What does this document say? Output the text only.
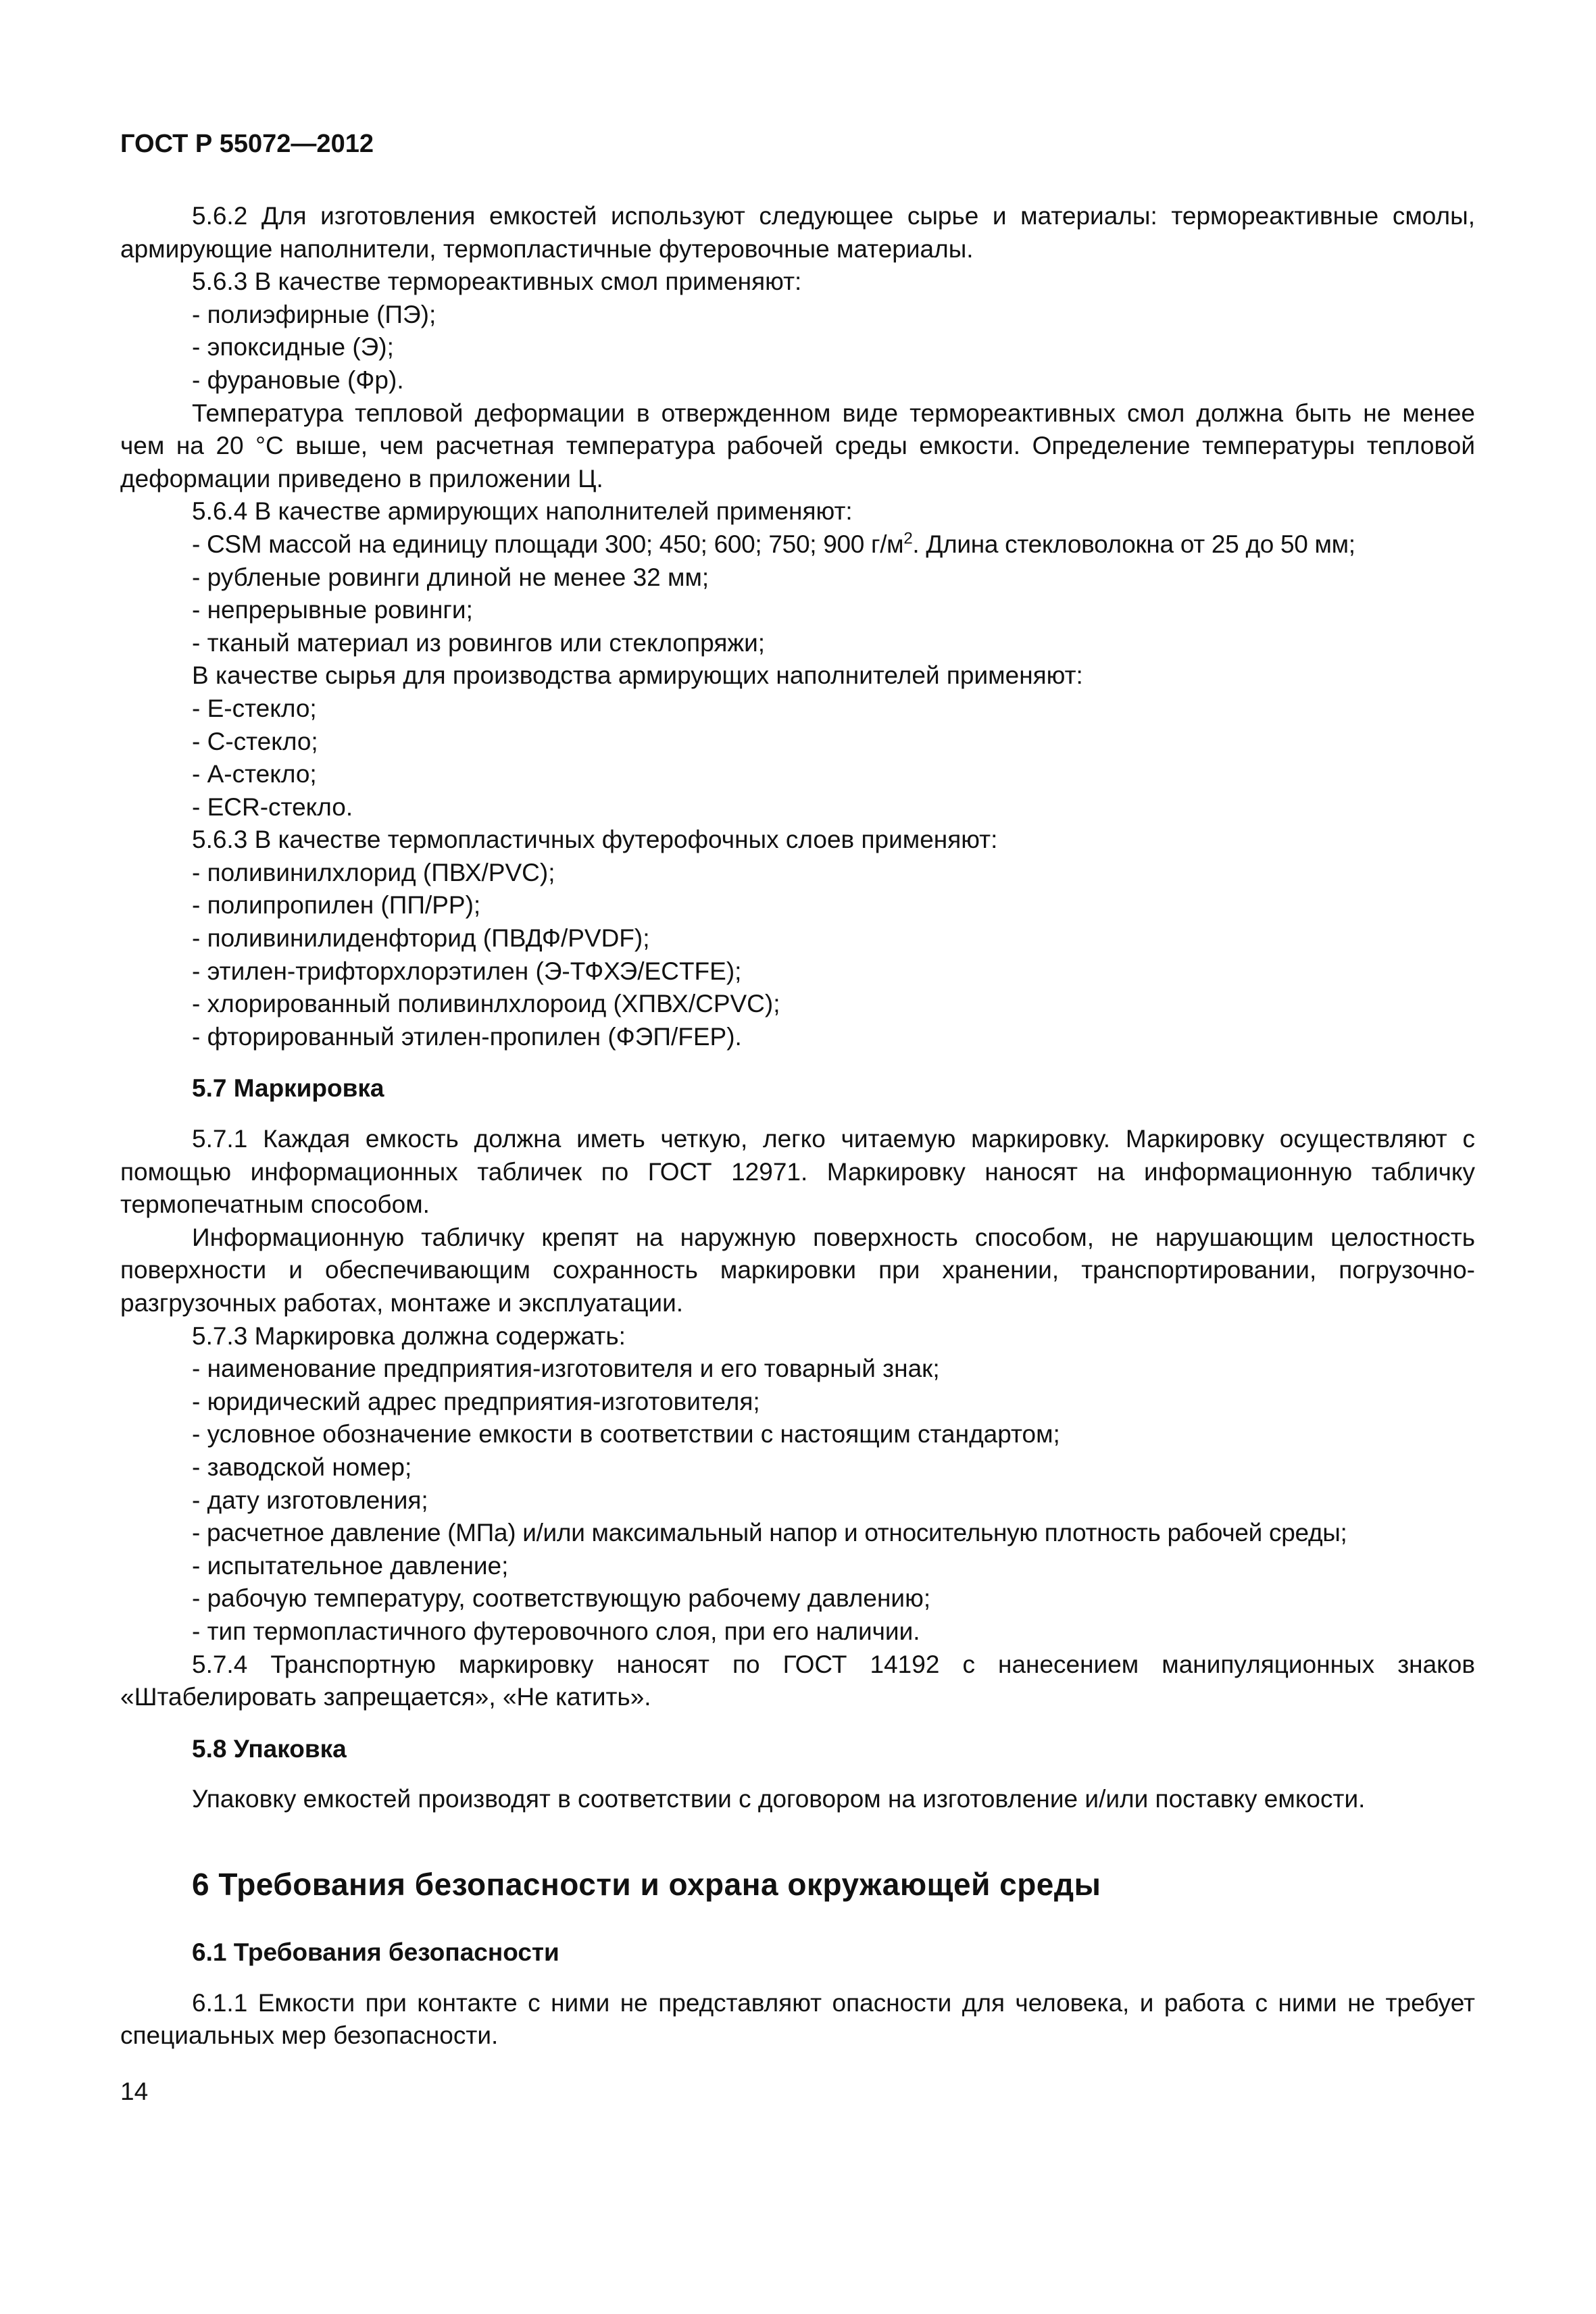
ГОСТ Р 55072—2012

5.6.2 Для изготовления емкостей используют следующее сырье и материалы: термореактивные смолы, армирующие наполнители, термопластичные футеровочные материалы.

5.6.3 В качестве термореактивных смол применяют:

- полиэфирные (ПЭ);

- эпоксидные (Э);

- фурановые (Фр).

Температура тепловой деформации в отвержденном виде термореактивных смол должна быть не менее чем на 20 °С выше, чем расчетная температура рабочей среды емкости. Определение температуры тепловой деформации приведено в приложении Ц.

5.6.4 В качестве армирующих наполнителей применяют:

- CSM массой на единицу площади 300; 450; 600; 750; 900 $г/м^2$. Длина стекловолокна от 25 до 50 мм;

- рубленые ровинги длиной не менее 32 мм;

- непрерывные ровинги;

- тканый материал из ровингов или стеклопряжи;

В качестве сырья для производства армирующих наполнителей применяют:

- Е-стекло;

- С-стекло;

- А-стекло;

- ECR-стекло.

5.6.3 В качестве термопластичных футерофочных слоев применяют:

- поливинилхлорид (ПВХ/PVC);

- полипропилен (ПП/PP);

- поливинилиденфторид (ПВДФ/PVDF);

- этилен-трифторхлорэтилен (Э-ТФХЭ/ECTFE);

- хлорированный поливинлхлороид (ХПВХ/CPVC);

- фторированный этилен-пропилен (ФЭП/FEP).

5.7 Маркировка

5.7.1 Каждая емкость должна иметь четкую, легко читаемую маркировку. Маркировку осуществляют с помощью информационных табличек по ГОСТ 12971. Маркировку наносят на информационную табличку термопечатным способом.

Информационную табличку крепят на наружную поверхность способом, не нарушающим целостность поверхности и обеспечивающим сохранность маркировки при хранении, транспортировании, погрузочно-разгрузочных работах, монтаже и эксплуатации.

5.7.3 Маркировка должна содержать:

- наименование предприятия-изготовителя и его товарный знак;

- юридический адрес предприятия-изготовителя;

- условное обозначение емкости в соответствии с настоящим стандартом;

- заводской номер;

- дату изготовления;

- расчетное давление (МПа) и/или максимальный напор и относительную плотность рабочей среды;

- испытательное давление;

- рабочую температуру, соответствующую рабочему давлению;

- тип термопластичного футеровочного слоя, при его наличии.

5.7.4 Транспортную маркировку наносят по ГОСТ 14192 с нанесением манипуляционных знаков «Штабелировать запрещается», «Не катить».

5.8 Упаковка

Упаковку емкостей производят в соответствии с договором на изготовление и/или поставку емкости.

6 Требования безопасности и охрана окружающей среды
6.1 Требования безопасности

6.1.1 Емкости при контакте с ними не представляют опасности для человека, и работа с ними не требует специальных мер безопасности.

14
